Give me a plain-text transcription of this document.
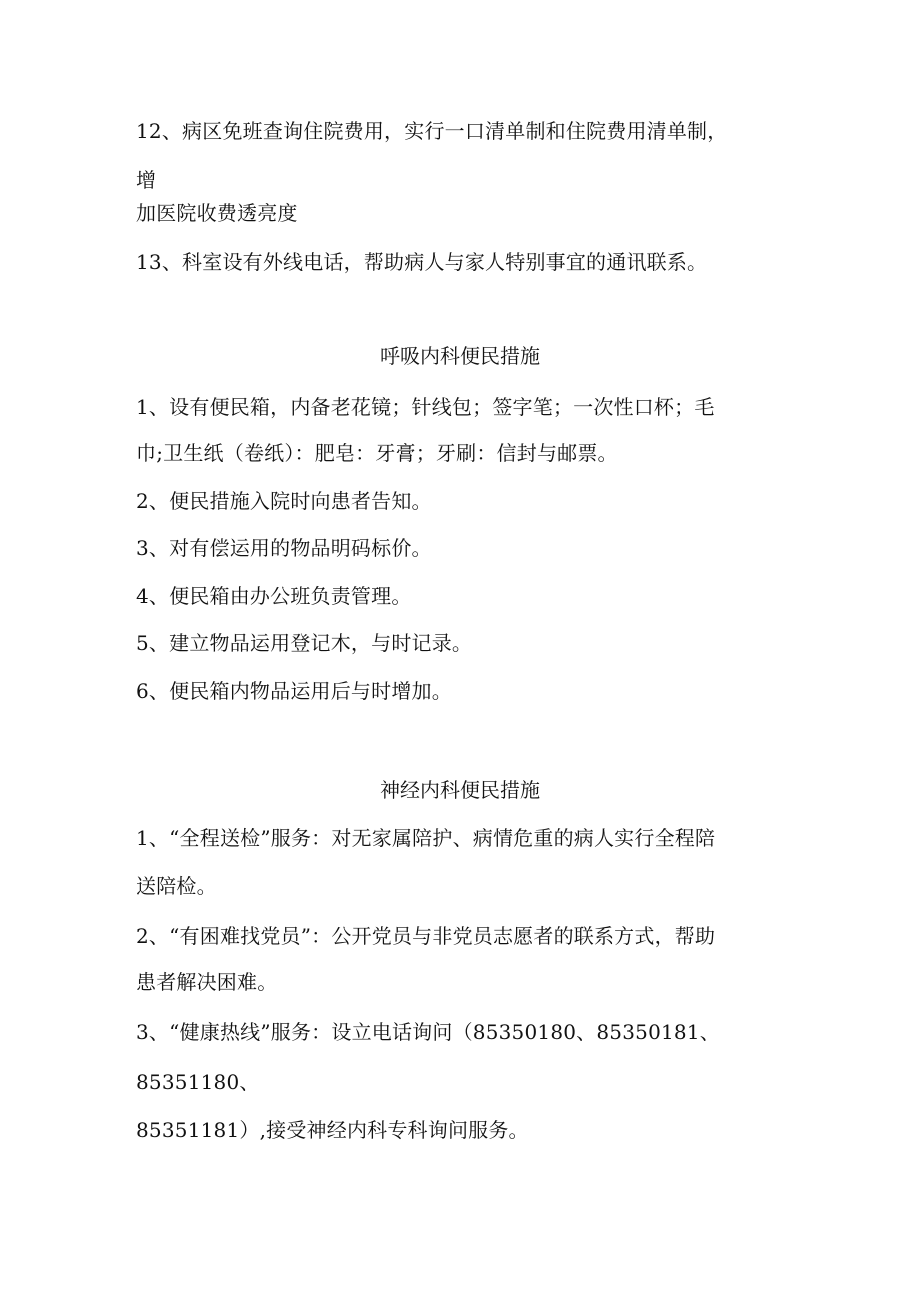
12、病区免班查询住院费用，实行一口清单制和住院费用清单制，
增
加医院收费透亮度
13、科室设有外线电话，帮助病人与家人特别事宜的通讯联系。
呼吸内科便民措施
1、设有便民箱，内备老花镜；针线包；签字笔；一次性口杯；毛
巾;卫生纸（卷纸）：肥皂：牙膏；牙刷：信封与邮票。
2、便民措施入院时向患者告知。
3、对有偿运用的物品明码标价。
4、便民箱由办公班负责管理。
5、建立物品运用登记木，与时记录。
6、便民箱内物品运用后与时增加。
神经内科便民措施
1、“全程送检”服务：对无家属陪护、病情危重的病人实行全程陪
送陪检。
2、“有困难找党员”：公开党员与非党员志愿者的联系方式，帮助
患者解决困难。
3、“健康热线”服务：设立电话询问（85350180、85350181、
85351180、
85351181）,接受神经内科专科询问服务。
